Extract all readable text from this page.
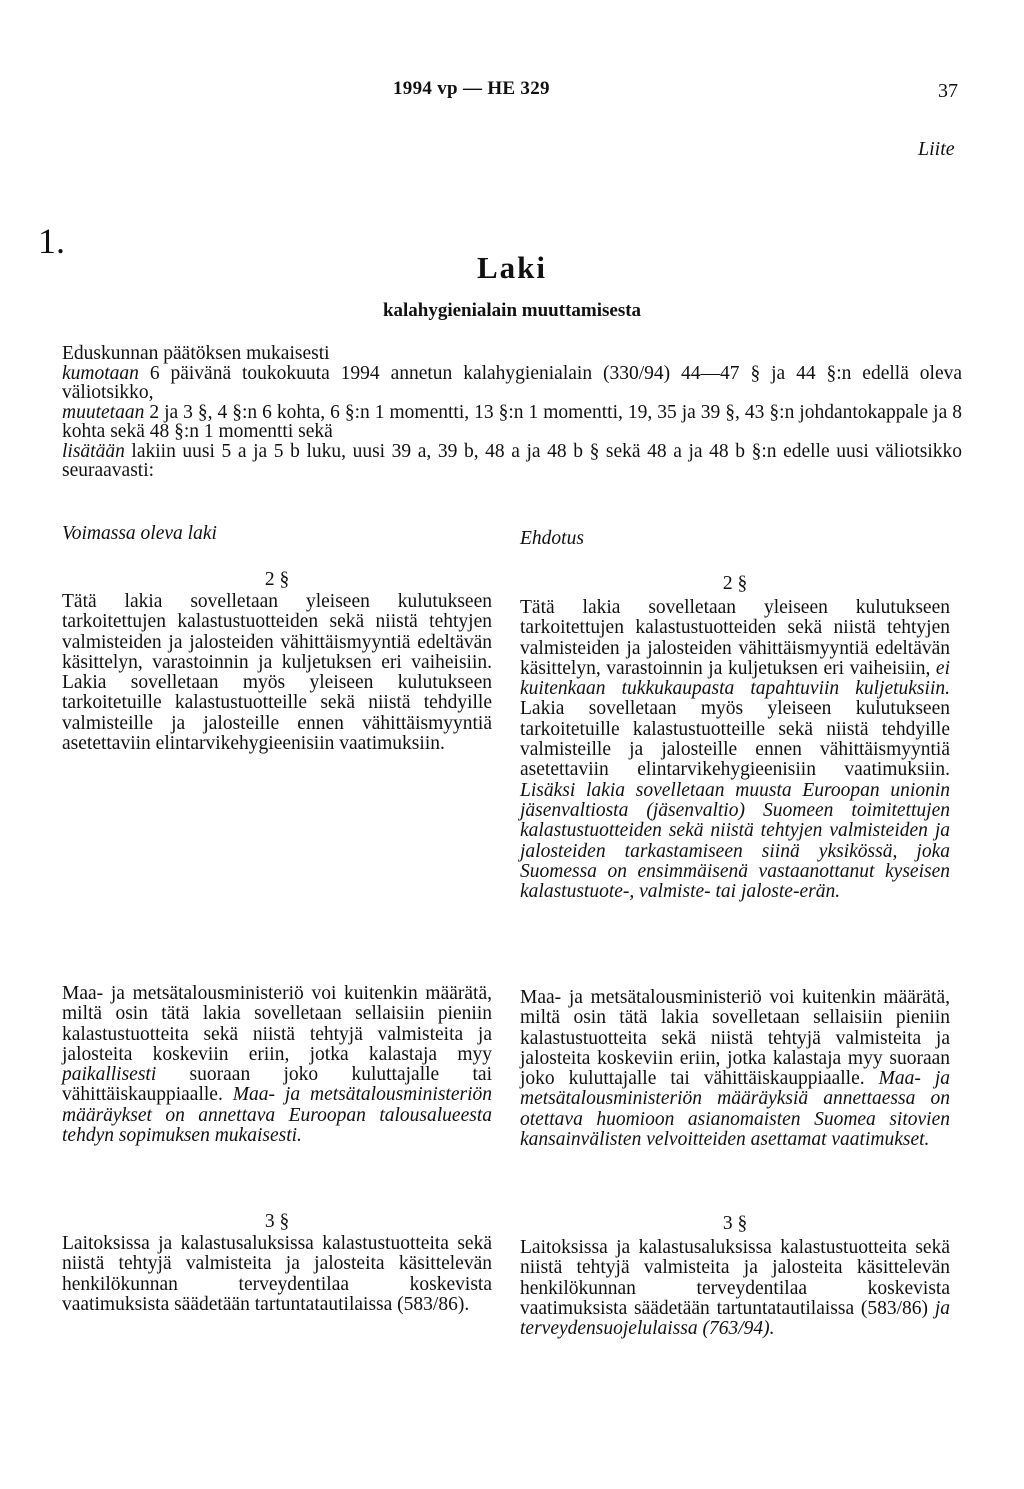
1994 vp — HE 329	37
Liite
1.
Laki
kalahygienialain muuttamisesta

Eduskunnan päätöksen mukaisesti

kumotaan 6 päivänä toukokuuta 1994 annetun kalahygienialain (330/94) 44—47 § ja 44 §:n edellä oleva väliotsikko,

muutetaan 2 ja 3 §, 4 §:n 6 kohta, 6 §:n 1 momentti, 13 §:n 1 momentti, 19, 35 ja 39 §, 43 §:n johdantokappale ja 8 kohta sekä 48 §:n 1 momentti sekä

lisätään lakiin uusi 5 a ja 5 b luku, uusi 39 a, 39 b, 48 a ja 48 b § sekä 48 a ja 48 b §:n edelle uusi väliotsikko seuraavasti:

Voimassa oleva laki	Ehdotus
2 §

Tätä lakia sovelletaan yleiseen kulutukseen tarkoitettujen kalastustuotteiden sekä niistä tehtyjen valmisteiden ja jalosteiden vähittäismyyntiä edeltävän käsittelyn, varastoinnin ja kuljetuksen eri vaiheisiin. Lakia sovelletaan myös yleiseen kulutukseen tarkoitetuille kalastustuotteille sekä niistä tehdyille valmisteille ja jalosteille ennen vähittäismyyntiä asetettaviin elintarvikehygieenisiin vaatimuksiin.

Maa- ja metsätalousministeriö voi kuitenkin määrätä, miltä osin tätä lakia sovelletaan sellaisiin pieniin kalastustuotteita sekä niistä tehtyjä valmisteita ja jalosteita koskeviin eriin, jotka kalastaja myy paikallisesti suoraan joko kuluttajalle tai vähittäiskauppiaalle. Maa- ja metsätalousministeriön määräykset on annettava Euroopan talousalueesta tehdyn sopimuksen mukaisesti.

3 §

Laitoksissa ja kalastusaluksissa kalastustuotteita sekä niistä tehtyjä valmisteita ja jalosteita käsittelevän henkilökunnan terveydentilaa koskevista vaatimuksista säädetään tartuntatautilaissa (583/86).

2 §

Tätä lakia sovelletaan yleiseen kulutukseen tarkoitettujen kalastustuotteiden sekä niistä tehtyjen valmisteiden ja jalosteiden vähittäismyyntiä edeltävän käsittelyn, varastoinnin ja kuljetuksen eri vaiheisiin, ei kuitenkaan tukkukaupasta tapahtuviin kuljetuksiin. Lakia sovelletaan myös yleiseen kulutukseen tarkoitetuille kalastustuotteille sekä niistä tehdyille valmisteille ja jalosteille ennen vähittäismyyntiä asetettaviin elintarvikehygieenisiin vaatimuksiin. Lisäksi lakia sovelletaan muusta Euroopan unionin jäsenvaltiosta (jäsenvaltio) Suomeen toimitettujen kalastustuotteiden sekä niistä tehtyjen valmisteiden ja jalosteiden tarkastamiseen siinä yksikössä, joka Suomessa on ensimmäisenä vastaanottanut kyseisen kalastustuote-, valmiste- tai jaloste-erän.

Maa- ja metsätalousministeriö voi kuitenkin määrätä, miltä osin tätä lakia sovelletaan sellaisiin pieniin kalastustuotteita sekä niistä tehtyjä valmisteita ja jalosteita koskeviin eriin, jotka kalastaja myy suoraan joko kuluttajalle tai vähittäiskauppiaalle. Maa- ja metsätalousministeriön määräyksiä annettaessa on otettava huomioon asianomaisten Suomea sitovien kansainvälisten velvoitteiden asettamat vaatimukset.

3 §

Laitoksissa ja kalastusaluksissa kalastustuotteita sekä niistä tehtyjä valmisteita ja jalosteita käsittelevän henkilökunnan terveydentilaa koskevista vaatimuksista säädetään tartuntatautilaissa (583/86) ja terveydensuojelulaissa (763/94).
